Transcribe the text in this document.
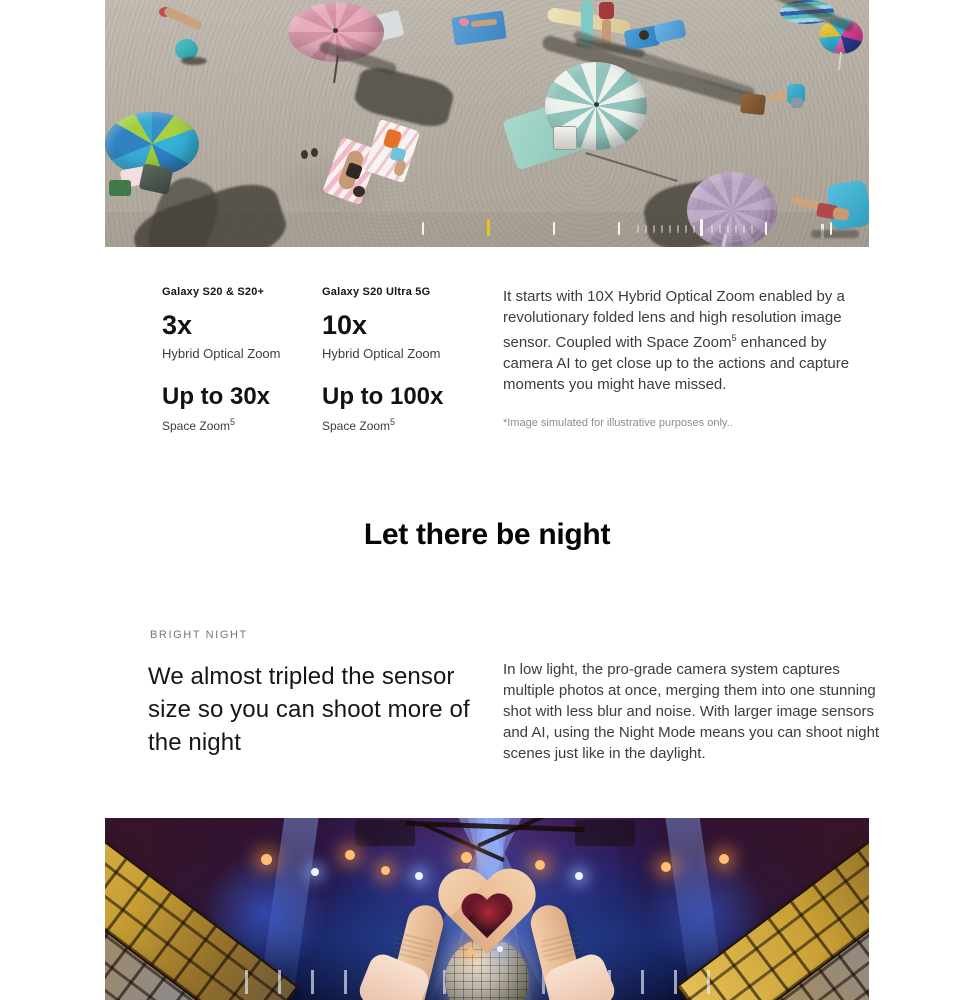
Galaxy S20 & S20+
3x
Hybrid Optical Zoom
Up to 30x
Space Zoom$^5$
Galaxy S20 Ultra 5G
10x
Hybrid Optical Zoom
Up to 100x
Space Zoom$^5$

It starts with 10X Hybrid Optical Zoom enabled by a revolutionary folded lens and high resolution image sensor. Coupled with Space Zoom$^5$ enhanced by camera AI to get close up to the actions and capture moments you might have missed.

*Image simulated for illustrative purposes only..
Let there be night
BRIGHT NIGHT
We almost tripled the sensor size so you can shoot more of the night

In low light, the pro-grade camera system captures multiple photos at once, merging them into one stunning shot with less blur and noise. With larger image sensors and AI, using the Night Mode means you can shoot night scenes just like in the daylight.
